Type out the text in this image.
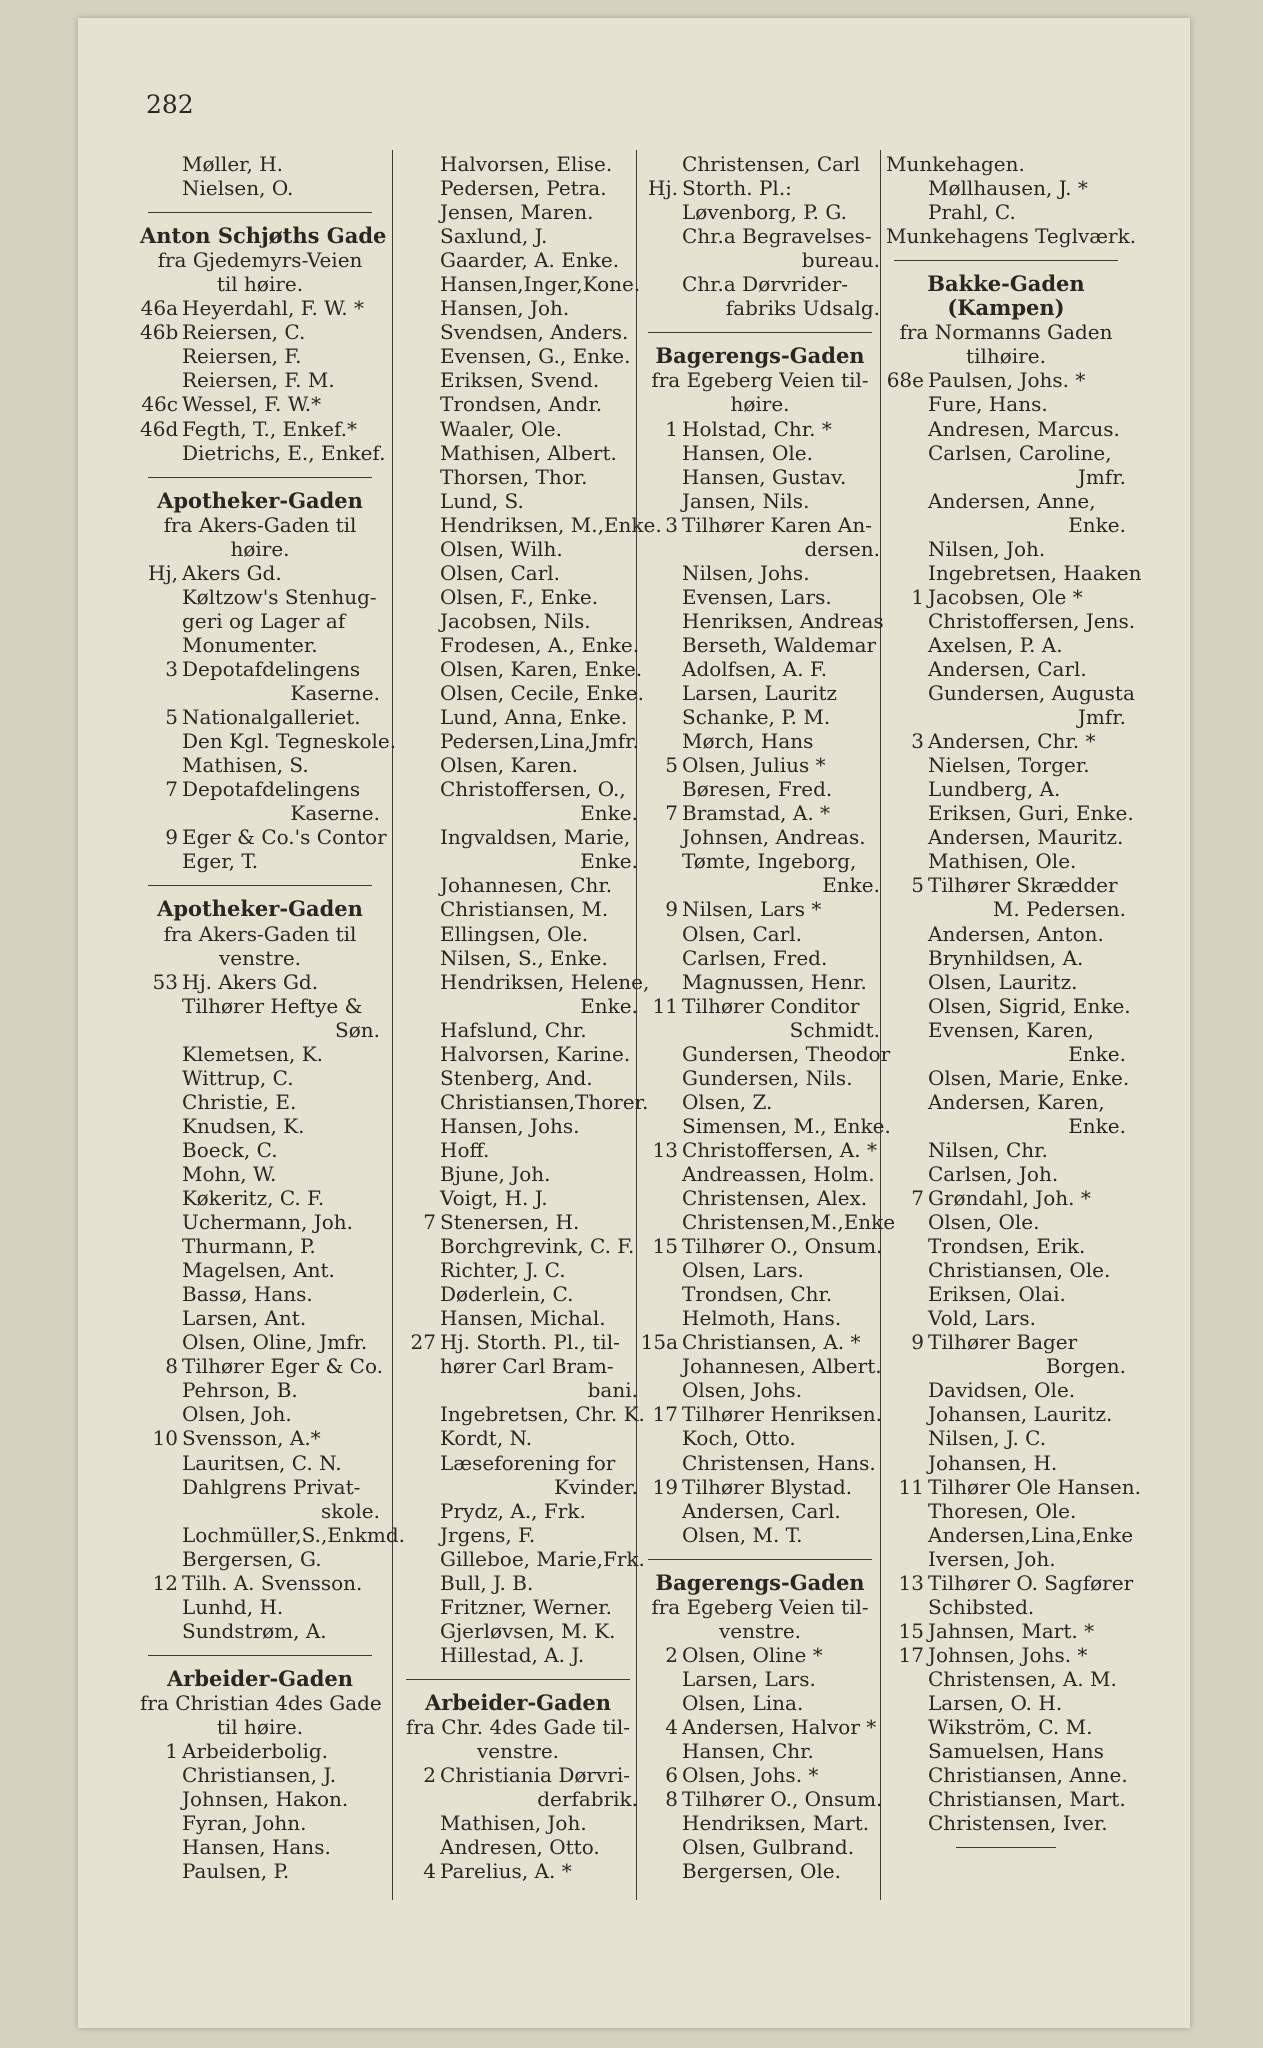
282
Møller, H.
Nielsen, O.
Anton Schjøths Gade
fra Gjedemyrs-Veien
til høire.
46a Heyerdahl, F. W. *
46b Reiersen, C.
Reiersen, F.
Reiersen, F. M.
46c Wessel, F. W.*
46d Fegth, T., Enkef.*
Dietrichs, E., Enkef.
Apotheker-Gaden
fra Akers-Gaden til
høire.
Hj, Akers Gd.
Køltzow's Stenhug-
geri og Lager af
Monumenter.
3 Depotafdelingens
Kaserne.
5 Nationalgalleriet.
Den Kgl. Tegneskole.
Mathisen, S.
7 Depotafdelingens
Kaserne.
9 Eger & Co.'s Contor
Eger, T.
Apotheker-Gaden
fra Akers-Gaden til
venstre.
53 Hj. Akers Gd.
Tilhører Heftye &
Søn.
Klemetsen, K.
Wittrup, C.
Christie, E.
Knudsen, K.
Boeck, C.
Mohn, W.
Køkeritz, C. F.
Uchermann, Joh.
Thurmann, P.
Magelsen, Ant.
Bassø, Hans.
Larsen, Ant.
Olsen, Oline, Jmfr.
8 Tilhører Eger & Co.
Pehrson, B.
Olsen, Joh.
10 Svensson, A.*
Lauritsen, C. N.
Dahlgrens Privat-
skole.
Lochmüller,S.,Enkmd.
Bergersen, G.
12 Tilh. A. Svensson.
Lunhd, H.
Sundstrøm, A.
Arbeider-Gaden
fra Christian 4des Gade
til høire.
1 Arbeiderbolig.
Christiansen, J.
Johnsen, Hakon.
Fyran, John.
Hansen, Hans.
Paulsen, P.
Halvorsen, Elise.
Pedersen, Petra.
Jensen, Maren.
Saxlund, J.
Gaarder, A. Enke.
Hansen,Inger,Kone.
Hansen, Joh.
Svendsen, Anders.
Evensen, G., Enke.
Eriksen, Svend.
Trondsen, Andr.
Waaler, Ole.
Mathisen, Albert.
Thorsen, Thor.
Lund, S.
Hendriksen, M.,Enke.
Olsen, Wilh.
Olsen, Carl.
Olsen, F., Enke.
Jacobsen, Nils.
Frodesen, A., Enke.
Olsen, Karen, Enke.
Olsen, Cecile, Enke.
Lund, Anna, Enke.
Pedersen,Lina,Jmfr.
Olsen, Karen.
Christoffersen, O.,
Enke.
Ingvaldsen, Marie,
Enke.
Johannesen, Chr.
Christiansen, M.
Ellingsen, Ole.
Nilsen, S., Enke.
Hendriksen, Helene,
Enke.
Hafslund, Chr.
Halvorsen, Karine.
Stenberg, And.
Christiansen,Thorer.
Hansen, Johs.
Hoff.
Bjune, Joh.
Voigt, H. J.
7 Stenersen, H.
Borchgrevink, C. F.
Richter, J. C.
Døderlein, C.
Hansen, Michal.
27 Hj. Storth. Pl., til-
hører Carl Bram-
bani.
Ingebretsen, Chr. K.
Kordt, N.
Læseforening for
Kvinder.
Prydz, A., Frk.
Jrgens, F.
Gilleboe, Marie,Frk.
Bull, J. B.
Fritzner, Werner.
Gjerløvsen, M. K.
Hillestad, A. J.
Arbeider-Gaden
fra Chr. 4des Gade til-
venstre.
2 Christiania Dørvri-
derfabrik.
Mathisen, Joh.
Andresen, Otto.
4 Parelius, A. *
Christensen, Carl
Hj. Storth. Pl.:
Løvenborg, P. G.
Chr.a Begravelses-
bureau.
Chr.a Dørvrider-
fabriks Udsalg.
Bagerengs-Gaden
fra Egeberg Veien til-
høire.
1 Holstad, Chr. *
Hansen, Ole.
Hansen, Gustav.
Jansen, Nils.
3 Tilhører Karen An-
dersen.
Nilsen, Johs.
Evensen, Lars.
Henriksen, Andreas
Berseth, Waldemar
Adolfsen, A. F.
Larsen, Lauritz
Schanke, P. M.
Mørch, Hans
5 Olsen, Julius *
Børesen, Fred.
7 Bramstad, A. *
Johnsen, Andreas.
Tømte, Ingeborg,
Enke.
9 Nilsen, Lars *
Olsen, Carl.
Carlsen, Fred.
Magnussen, Henr.
11 Tilhører Conditor
Schmidt.
Gundersen, Theodor
Gundersen, Nils.
Olsen, Z.
Simensen, M., Enke.
13 Christoffersen, A. *
Andreassen, Holm.
Christensen, Alex.
Christensen,M.,Enke
15 Tilhører O., Onsum.
Olsen, Lars.
Trondsen, Chr.
Helmoth, Hans.
15a Christiansen, A. *
Johannesen, Albert.
Olsen, Johs.
17 Tilhører Henriksen.
Koch, Otto.
Christensen, Hans.
19 Tilhører Blystad.
Andersen, Carl.
Olsen, M. T.
Bagerengs-Gaden
fra Egeberg Veien til-
venstre.
2 Olsen, Oline *
Larsen, Lars.
Olsen, Lina.
4 Andersen, Halvor *
Hansen, Chr.
6 Olsen, Johs. *
8 Tilhører O., Onsum.
Hendriksen, Mart.
Olsen, Gulbrand.
Bergersen, Ole.
Munkehagen.
Møllhausen, J. *
Prahl, C.
Munkehagens Teglværk.
Bakke-Gaden
(Kampen)
fra Normanns Gaden
tilhøire.
68e Paulsen, Johs. *
Fure, Hans.
Andresen, Marcus.
Carlsen, Caroline,
Jmfr.
Andersen, Anne,
Enke.
Nilsen, Joh.
Ingebretsen, Haaken
1 Jacobsen, Ole *
Christoffersen, Jens.
Axelsen, P. A.
Andersen, Carl.
Gundersen, Augusta
Jmfr.
3 Andersen, Chr. *
Nielsen, Torger.
Lundberg, A.
Eriksen, Guri, Enke.
Andersen, Mauritz.
Mathisen, Ole.
5 Tilhører Skrædder
M. Pedersen.
Andersen, Anton.
Brynhildsen, A.
Olsen, Lauritz.
Olsen, Sigrid, Enke.
Evensen, Karen,
Enke.
Olsen, Marie, Enke.
Andersen, Karen,
Enke.
Nilsen, Chr.
Carlsen, Joh.
7 Grøndahl, Joh. *
Olsen, Ole.
Trondsen, Erik.
Christiansen, Ole.
Eriksen, Olai.
Vold, Lars.
9 Tilhører Bager
Borgen.
Davidsen, Ole.
Johansen, Lauritz.
Nilsen, J. C.
Johansen, H.
11 Tilhører Ole Hansen.
Thoresen, Ole.
Andersen,Lina,Enke
Iversen, Joh.
13 Tilhører O. Sagfører
Schibsted.
15 Jahnsen, Mart. *
17 Johnsen, Johs. *
Christensen, A. M.
Larsen, O. H.
Wikström, C. M.
Samuelsen, Hans
Christiansen, Anne.
Christiansen, Mart.
Christensen, Iver.
